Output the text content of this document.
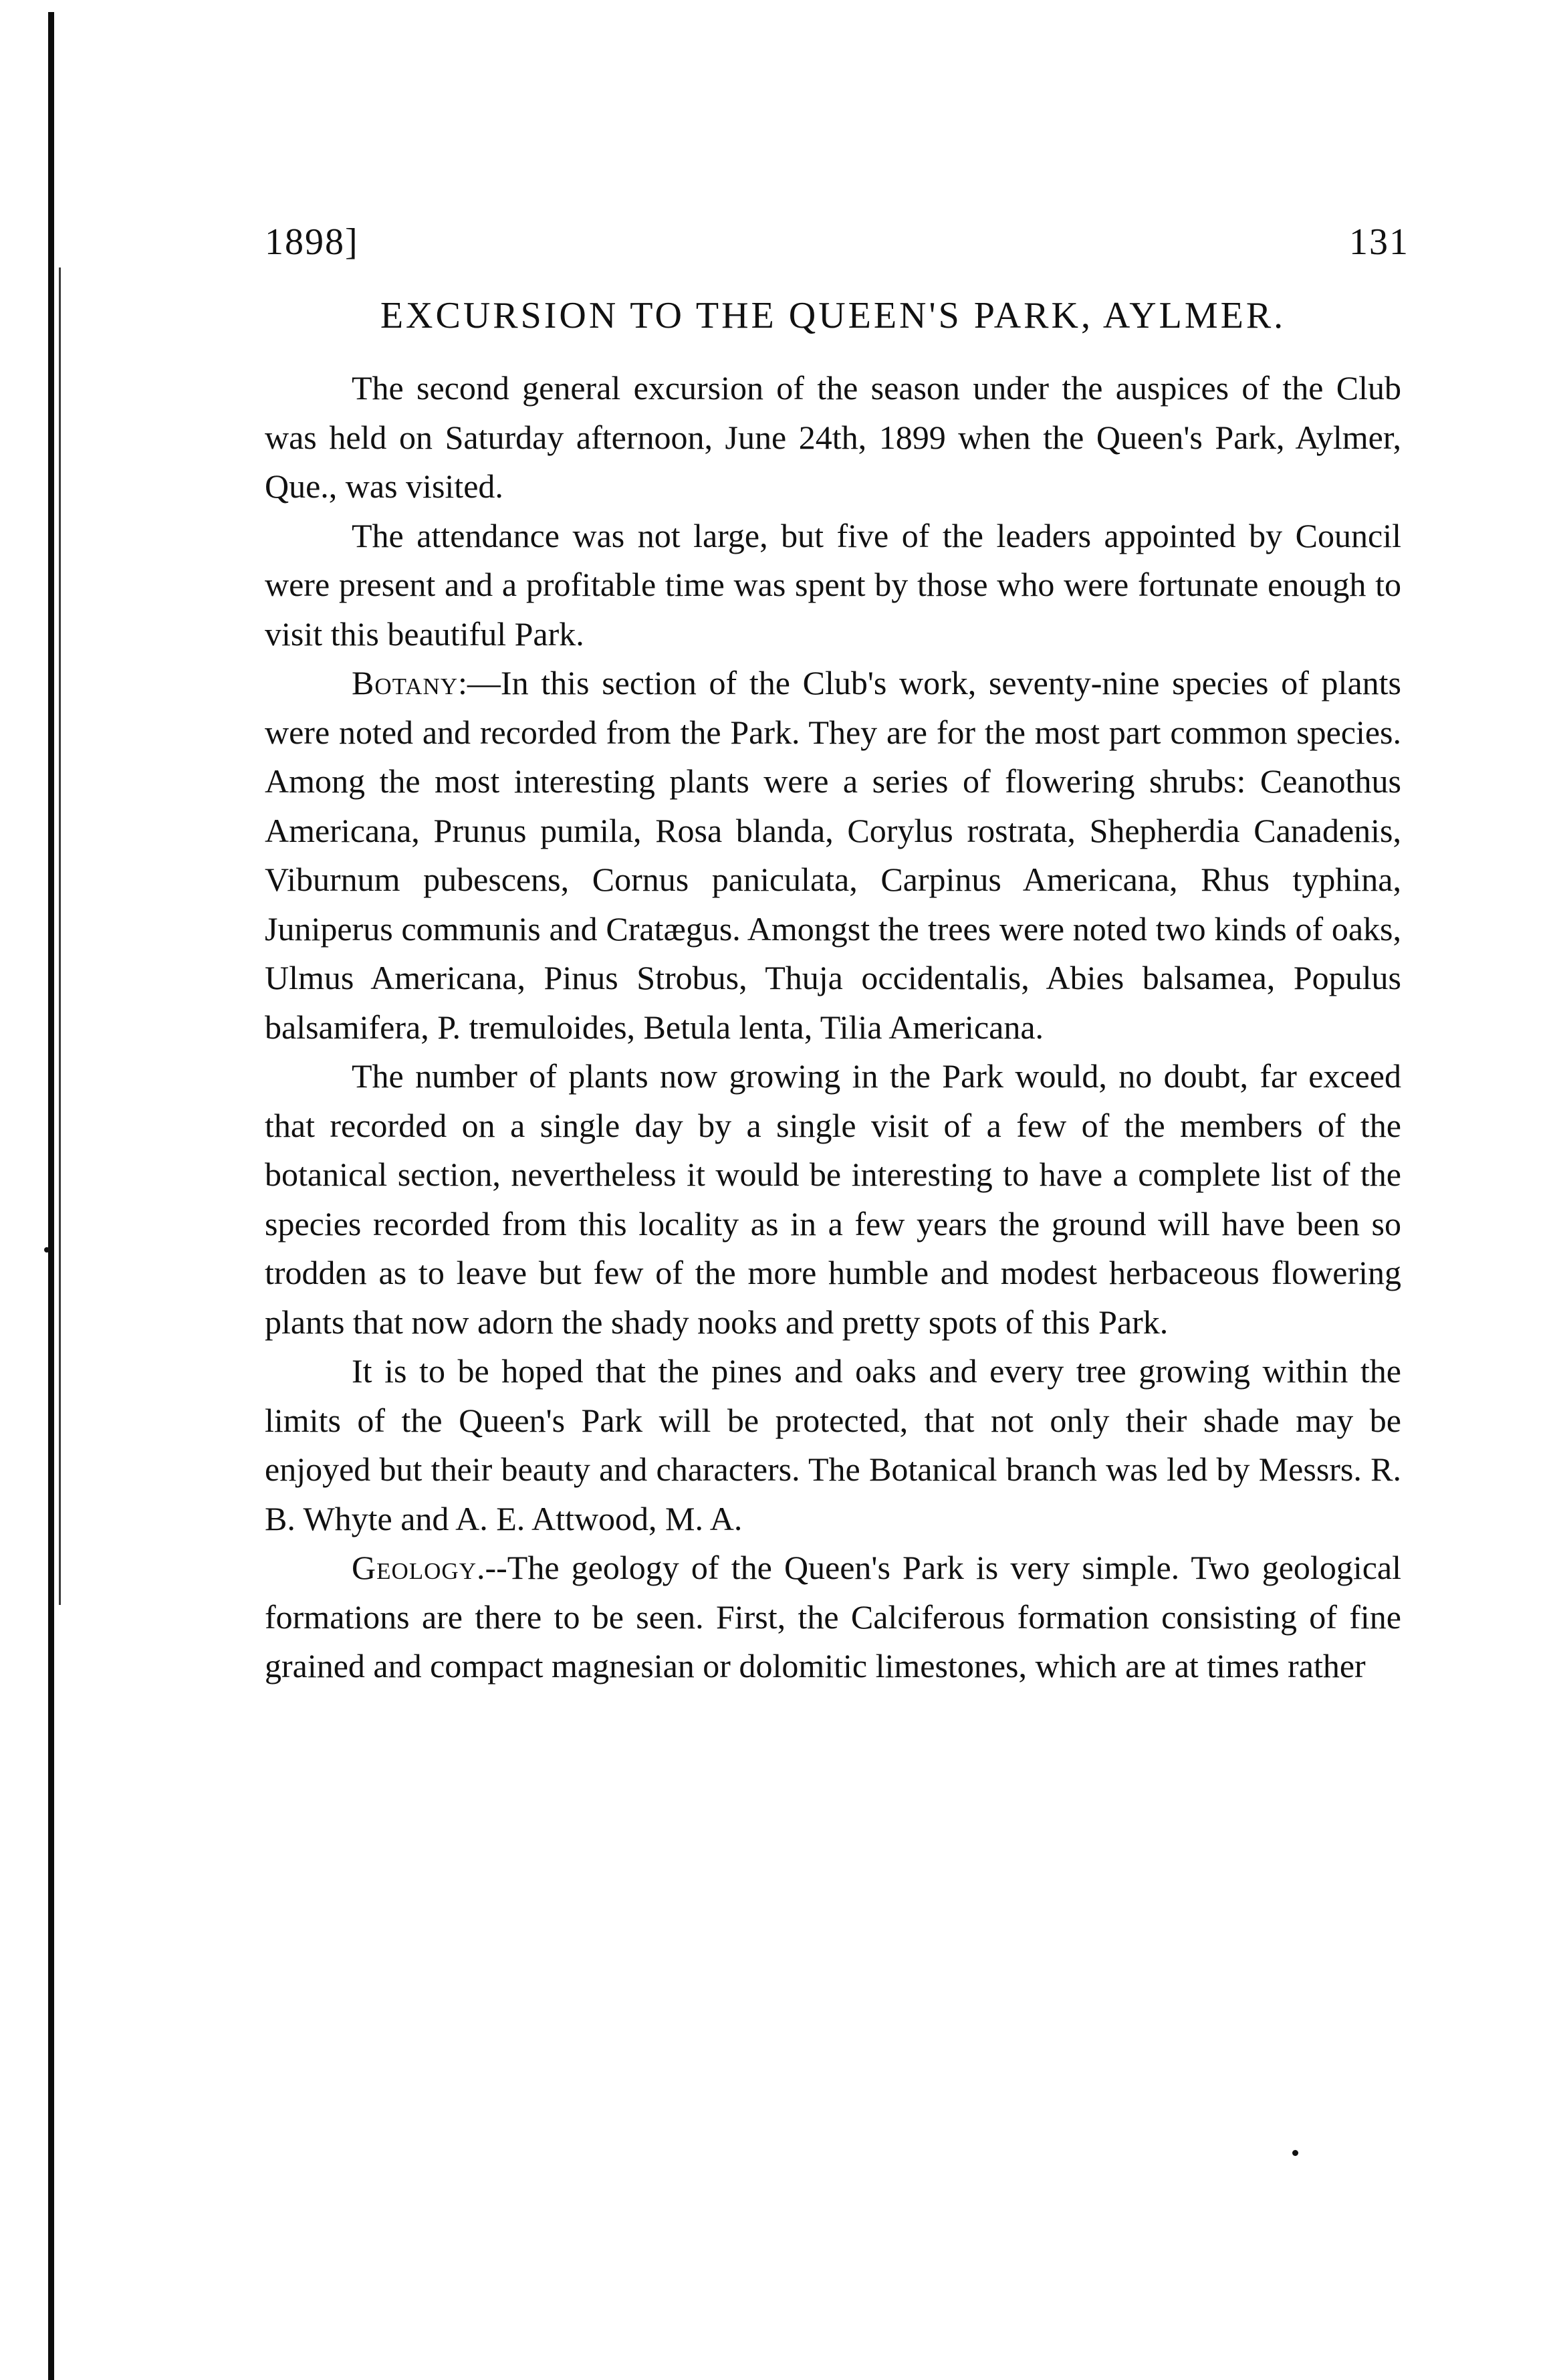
1898]	131
EXCURSION TO THE QUEEN'S PARK, AYLMER.

The second general excursion of the season under the auspices of the Club was held on Saturday afternoon, June 24th, 1899 when the Queen's Park, Aylmer, Que., was visited.

The attendance was not large, but five of the leaders appointed by Council were present and a profitable time was spent by those who were fortunate enough to visit this beautiful Park.

Botany:—In this section of the Club's work, seventy-nine species of plants were noted and recorded from the Park. They are for the most part common species. Among the most interesting plants were a series of flowering shrubs: Ceanothus Americana, Prunus pumila, Rosa blanda, Corylus rostrata, Shepherdia Canadenis, Viburnum pubescens, Cornus paniculata, Carpinus Americana, Rhus typhina, Juniperus communis and Cratægus. Amongst the trees were noted two kinds of oaks, Ulmus Americana, Pinus Strobus, Thuja occidentalis, Abies balsamea, Populus balsamifera, P. tremuloides, Betula lenta, Tilia Americana.

The number of plants now growing in the Park would, no doubt, far exceed that recorded on a single day by a single visit of a few of the members of the botanical section, nevertheless it would be interesting to have a complete list of the species recorded from this locality as in a few years the ground will have been so trodden as to leave but few of the more humble and modest herbaceous flowering plants that now adorn the shady nooks and pretty spots of this Park.

It is to be hoped that the pines and oaks and every tree growing within the limits of the Queen's Park will be protected, that not only their shade may be enjoyed but their beauty and characters. The Botanical branch was led by Messrs. R. B. Whyte and A. E. Attwood, M. A.

Geology.--The geology of the Queen's Park is very simple. Two geological formations are there to be seen. First, the Calciferous formation consisting of fine grained and compact magnesian or dolomitic limestones, which are at times rather
